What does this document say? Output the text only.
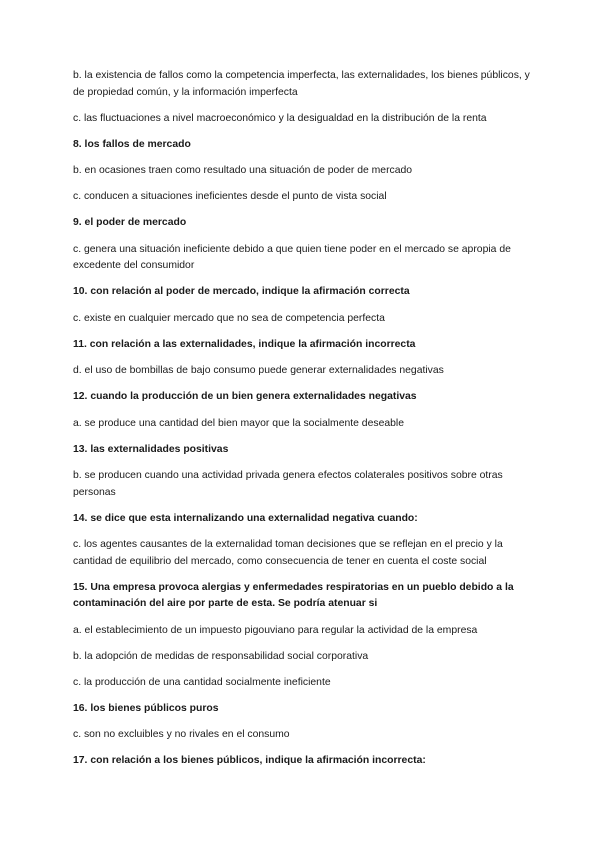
b. la existencia de fallos como la competencia imperfecta, las externalidades, los bienes públicos, y de propiedad común, y la información imperfecta

c. las fluctuaciones a nivel macroeconómico y la desigualdad en la distribución de la renta

8. los fallos de mercado

b. en ocasiones traen como resultado una situación de poder de mercado

c. conducen a situaciones ineficientes desde el punto de vista social

9. el poder de mercado

c. genera una situación ineficiente debido a que quien tiene poder en el mercado se apropia de excedente del consumidor

10. con relación al poder de mercado, indique la afirmación correcta

c. existe en cualquier mercado que no sea de competencia perfecta

11. con relación a las externalidades, indique la afirmación incorrecta

d. el uso de bombillas de bajo consumo puede generar externalidades negativas

12. cuando la producción de un bien genera externalidades negativas

a. se produce una cantidad del bien mayor que la socialmente deseable

13. las externalidades positivas

b. se producen cuando una actividad privada genera efectos colaterales positivos sobre otras personas

14. se dice que esta internalizando una externalidad negativa cuando:

c. los agentes causantes de la externalidad toman decisiones que se reflejan en el precio y la cantidad de equilibrio del mercado, como consecuencia de tener en cuenta el coste social

15. Una empresa provoca alergias y enfermedades respiratorias en un pueblo debido a la contaminación del aire por parte de esta. Se podría atenuar si

a. el establecimiento de un impuesto pigouviano para regular la actividad de la empresa

b. la adopción de medidas de responsabilidad social corporativa

c. la producción de una cantidad socialmente ineficiente

16. los bienes públicos puros

c. son no excluibles y no rivales en el consumo

17. con relación a los bienes públicos, indique la afirmación incorrecta:
